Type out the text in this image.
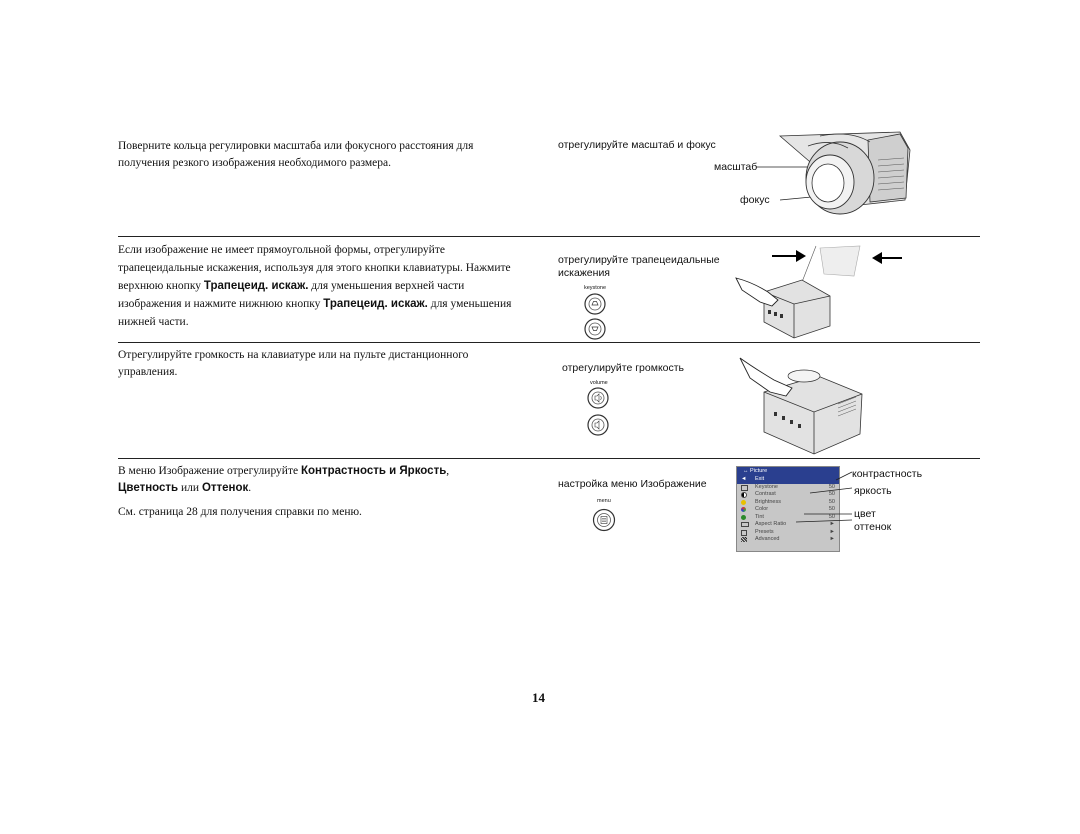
Поверните кольца регулировки масштаба или фокусного расстояния для получения резкого изображения необходимого размера.
отрегулируйте масштаб и фокус
масштаб
фокус
Если изображение не имеет прямоугольной формы, отрегулируйте трапецеидальные искажения, используя для этого кнопки клавиатуры. Нажмите верхнюю кнопку Трапецеид. искаж. для уменьшения верхней части изображения и нажмите нижнюю кнопку Трапецеид. искаж. для уменьшения нижней части.
отрегулируйте трапецеидальные искажения
keystone
Отрегулируйте громкость на клавиатуре или на пульте дистанционного управления.	отрегулируйте громкость
volume
В меню Изображение отрегулируйте Контрастность и Яркость,
Цветность или Оттенок.
См. страница 28 для получения справки по меню.
настройка меню Изображение
menu
↔ Picture
◄ Exit
Keystone	50
Contrast	50
Brightness	50
Color	50
Tint	50
Aspect Ratio	►
Presets	►
Advanced	►
контрастность
яркость
цвет
оттенок
14
